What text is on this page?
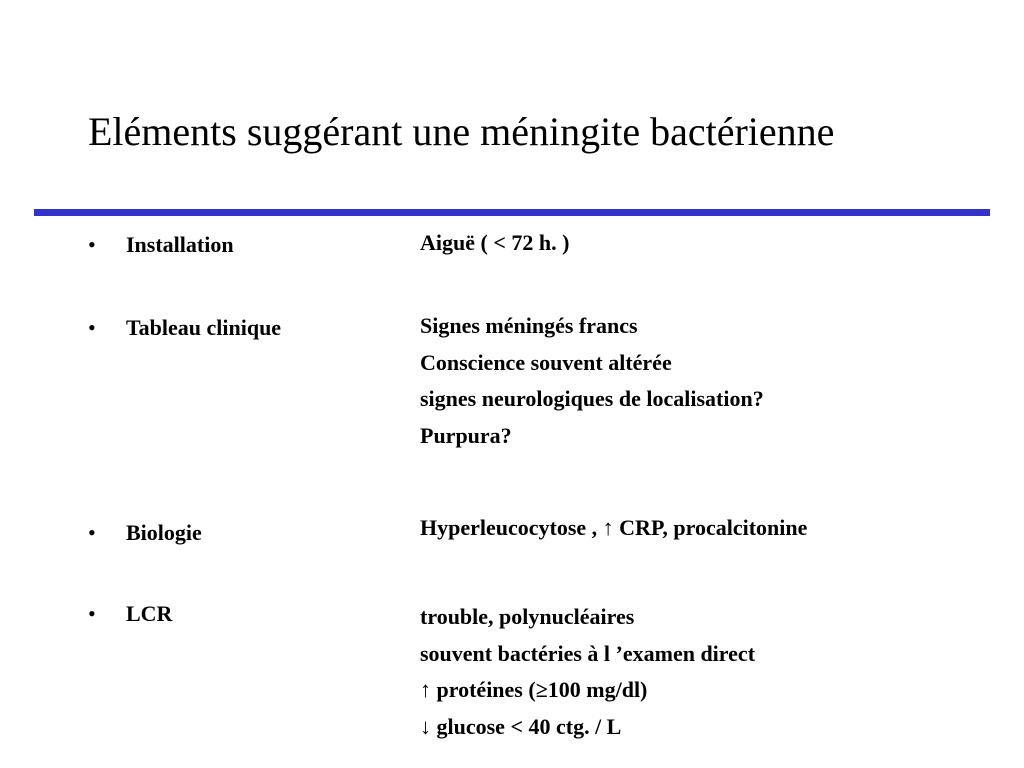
Eléments suggérant une méningite bactérienne
• Installation	Aiguë ( < 72 h. )
• Tableau clinique	Signes méningés francs
Conscience souvent altérée
signes neurologiques de localisation?
Purpura?
• Biologie	Hyperleucocytose , ↑ CRP, procalcitonine
• LCR	trouble, polynucléaires
souvent bactéries à l ’examen direct
↑ protéines (≥100 mg/dl)
↓ glucose < 40 ctg. / L
